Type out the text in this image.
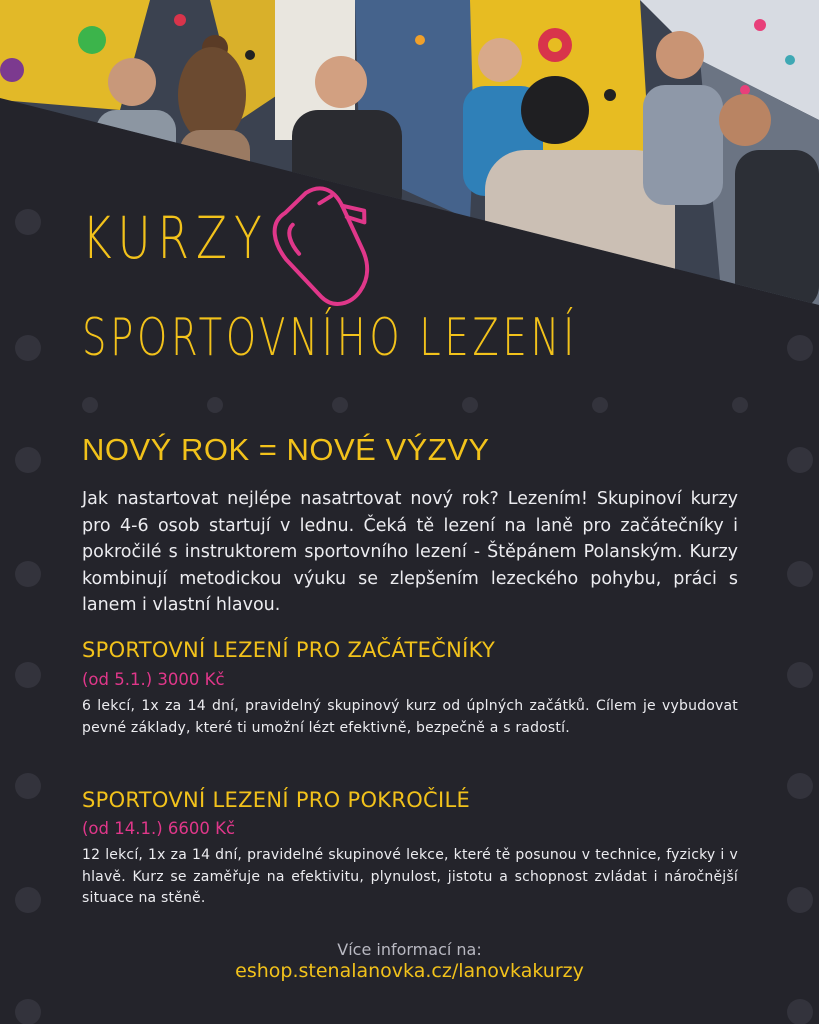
KURZY
SPORTOVNÍHO LEZENÍ
NOVÝ ROK = NOVÉ VÝZVY

Jak nastartovat nejlépe nasatrtovat nový rok? Lezením! Skupinoví kurzy pro 4-6 osob startují v lednu. Čeká tě lezení na laně pro začátečníky i pokročilé s instruktorem sportovního lezení - Štěpánem Polanským. Kurzy kombinují metodickou výuku se zlepšením lezeckého pohybu, práci s lanem i vlastní hlavou.

SPORTOVNÍ LEZENÍ PRO ZAČÁTEČNÍKY

(od 5.1.) 3000 Kč

6 lekcí, 1x za 14 dní, pravidelný skupinový kurz od úplných začátků. Cílem je vybudovat pevné základy, které ti umožní lézt efektivně, bezpečně a s radostí.

SPORTOVNÍ LEZENÍ PRO POKROČILÉ

(od 14.1.) 6600 Kč

12 lekcí, 1x za 14 dní, pravidelné skupinové lekce, které tě posunou v technice, fyzicky i v hlavě. Kurz se zaměřuje na efektivitu, plynulost, jistotu a schopnost zvládat i náročnější situace na stěně.

Více informací na:

eshop.stenalanovka.cz/lanovkakurzy
